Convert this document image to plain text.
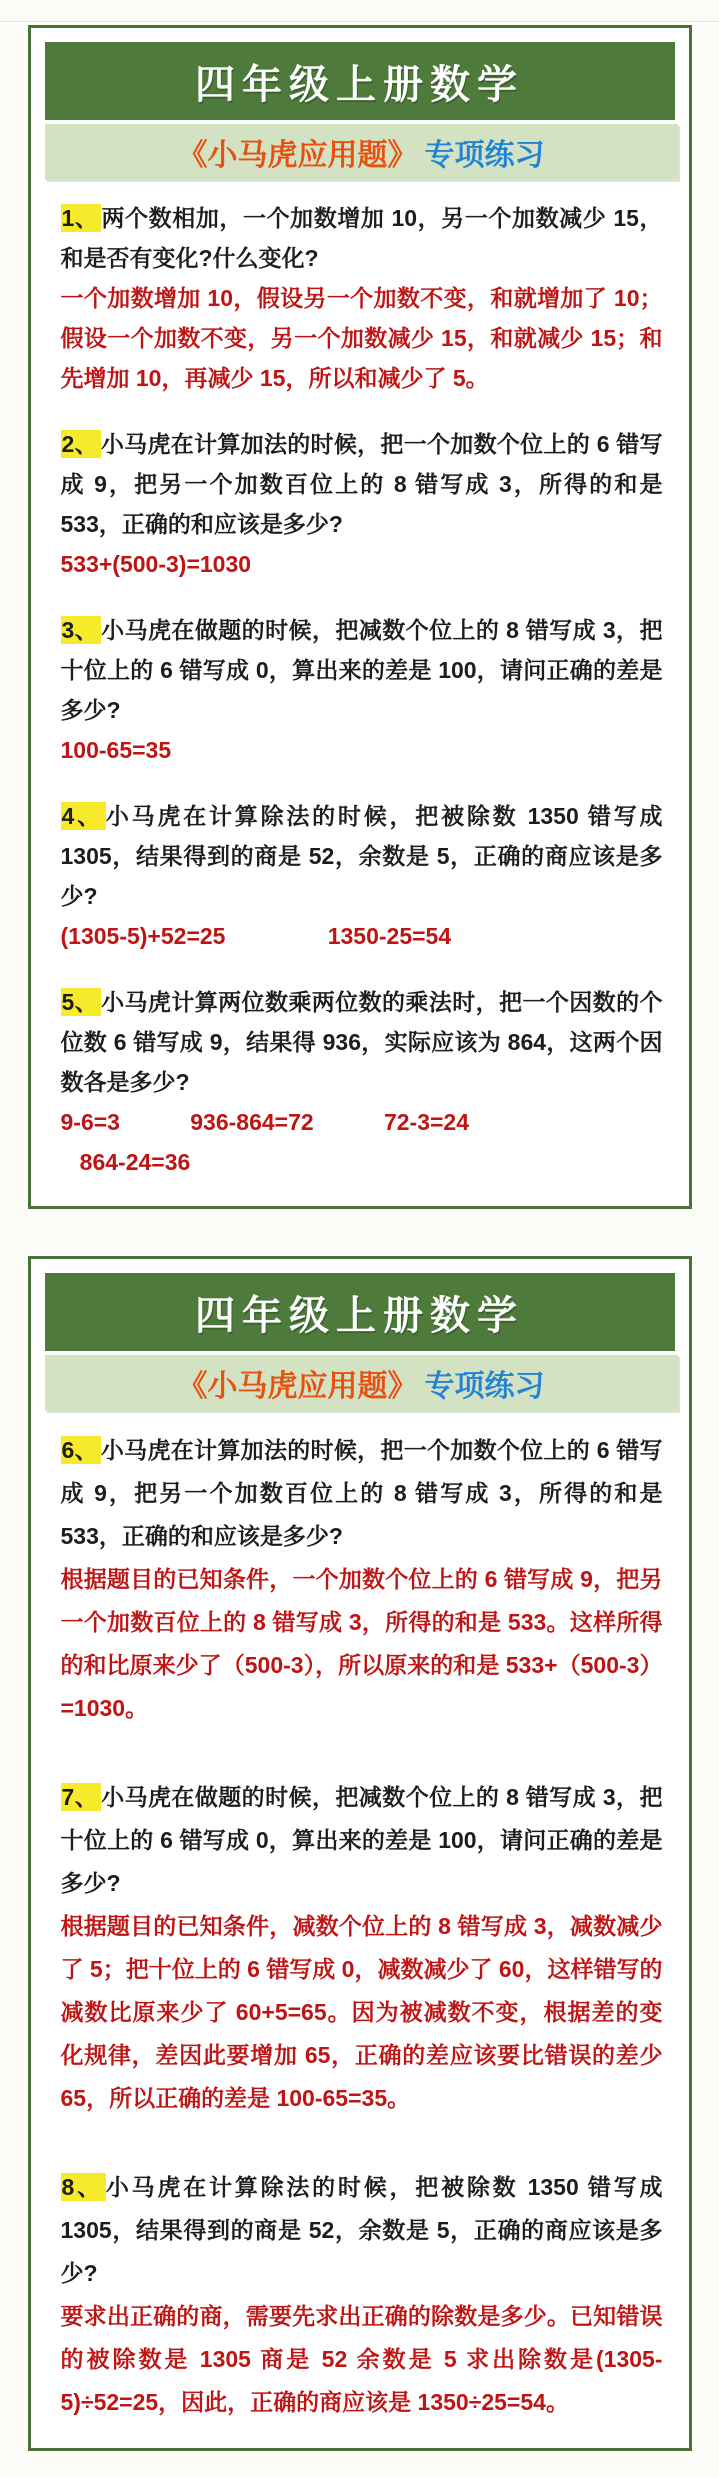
四年级上册数学
《小马虎应用题》 专项练习

1、 两个数相加，一个加数增加 10，另一个加数减少 15，和是否有变化?什么变化?

一个加数增加 10，假设另一个加数不变，和就增加了 10；假设一个加数不变，另一个加数减少 15，和就减少 15；和先增加 10，再减少 15，所以和减少了 5。

2、 小马虎在计算加法的时候，把一个加数个位上的 6 错写成 9，把另一个加数百位上的 8 错写成 3，所得的和是 533，正确的和应该是多少?

533+(500-3)=1030

3、 小马虎在做题的时候，把减数个位上的 8 错写成 3，把十位上的 6 错写成 0，算出来的差是 100，请问正确的差是多少?

100-65=35

4、 小马虎在计算除法的时候，把被除数 1350 错写成 1305，结果得到的商是 52，余数是 5，正确的商应该是多少?

(1305-5)+52=25                1350-25=54

5、 小马虎计算两位数乘两位数的乘法时，把一个因数的个位数 6 错写成 9，结果得 936，实际应该为 864，这两个因数各是多少?

9-6=3           936-864=72           72-3=24

864-24=36

四年级上册数学
《小马虎应用题》 专项练习

6、 小马虎在计算加法的时候，把一个加数个位上的 6 错写成 9，把另一个加数百位上的 8 错写成 3，所得的和是 533，正确的和应该是多少?

根据题目的已知条件，一个加数个位上的 6 错写成 9，把另一个加数百位上的 8 错写成 3，所得的和是 533。这样所得的和比原来少了（500-3），所以原来的和是 533+（500-3）=1030。

7、 小马虎在做题的时候，把减数个位上的 8 错写成 3，把十位上的 6 错写成 0，算出来的差是 100，请问正确的差是多少?

根据题目的已知条件，减数个位上的 8 错写成 3，减数减少了 5；把十位上的 6 错写成 0，减数减少了 60，这样错写的减数比原来少了 60+5=65。因为被减数不变，根据差的变化规律，差因此要增加 65，正确的差应该要比错误的差少 65，所以正确的差是 100-65=35。

8、 小马虎在计算除法的时候，把被除数 1350 错写成 1305，结果得到的商是 52，余数是 5，正确的商应该是多少?

要求出正确的商，需要先求出正确的除数是多少。已知错误的被除数是 1305 商是 52 余数是 5 求出除数是(1305-5)÷52=25，因此，正确的商应该是 1350÷25=54。
